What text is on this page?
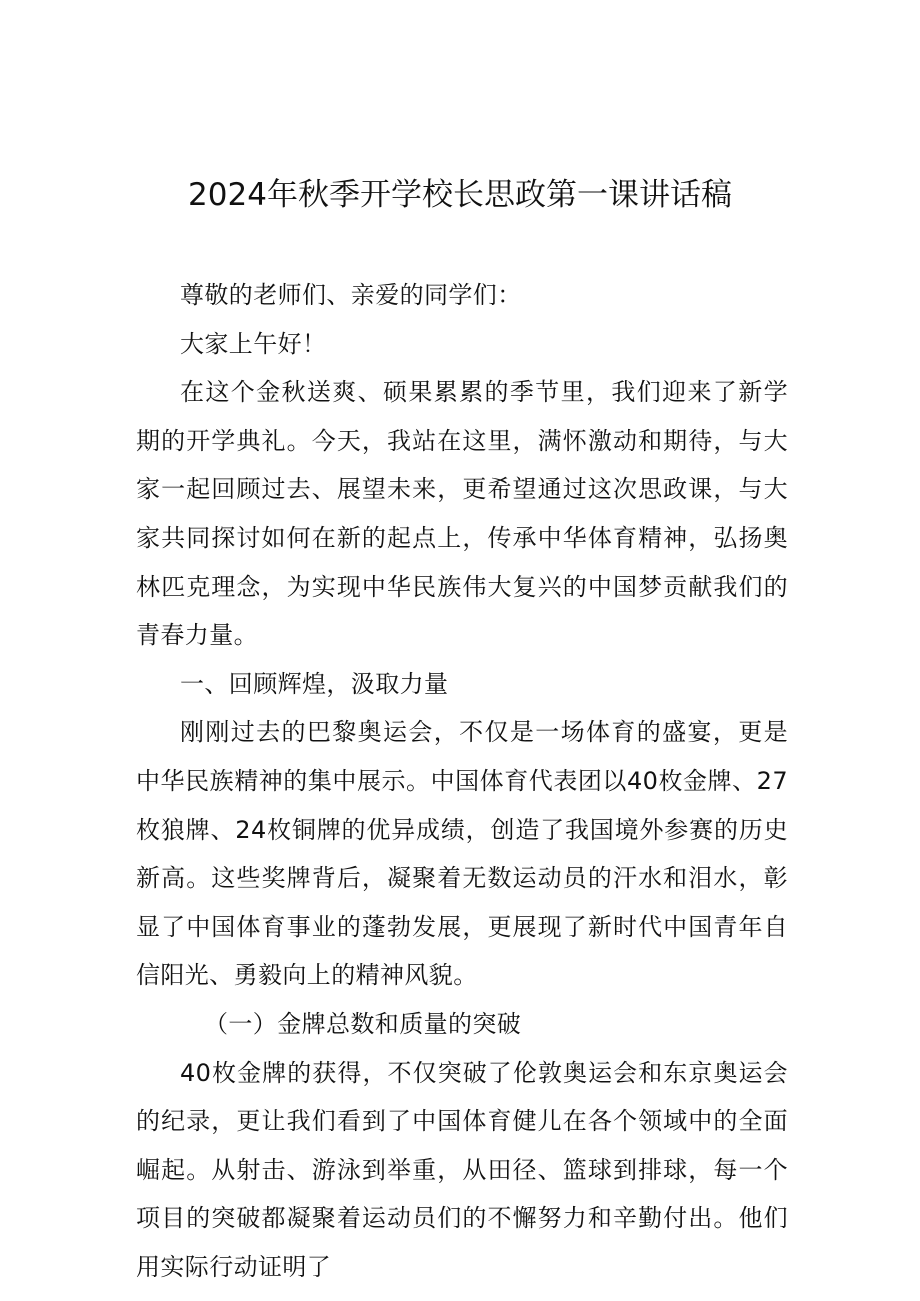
2024年秋季开学校长思政第一课讲话稿

尊敬的老师们、亲爱的同学们：

大家上午好！

在这个金秋送爽、硕果累累的季节里，我们迎来了新学期的开学典礼。今天，我站在这里，满怀激动和期待，与大家一起回顾过去、展望未来，更希望通过这次思政课，与大家共同探讨如何在新的起点上，传承中华体育精神，弘扬奥林匹克理念，为实现中华民族伟大复兴的中国梦贡献我们的青春力量。

一、回顾辉煌，汲取力量

刚刚过去的巴黎奥运会，不仅是一场体育的盛宴，更是中华民族精神的集中展示。中国体育代表团以40枚金牌、27枚狼牌、24枚铜牌的优异成绩，创造了我国境外参赛的历史新高。这些奖牌背后，凝聚着无数运动员的汗水和泪水，彰显了中国体育事业的蓬勃发展，更展现了新时代中国青年自信阳光、勇毅向上的精神风貌。

（一）金牌总数和质量的突破

40枚金牌的获得，不仅突破了伦敦奥运会和东京奥运会的纪录，更让我们看到了中国体育健儿在各个领域中的全面崛起。从射击、游泳到举重，从田径、篮球到排球，每一个项目的突破都凝聚着运动员们的不懈努力和辛勤付出。他们用实际行动证明了
